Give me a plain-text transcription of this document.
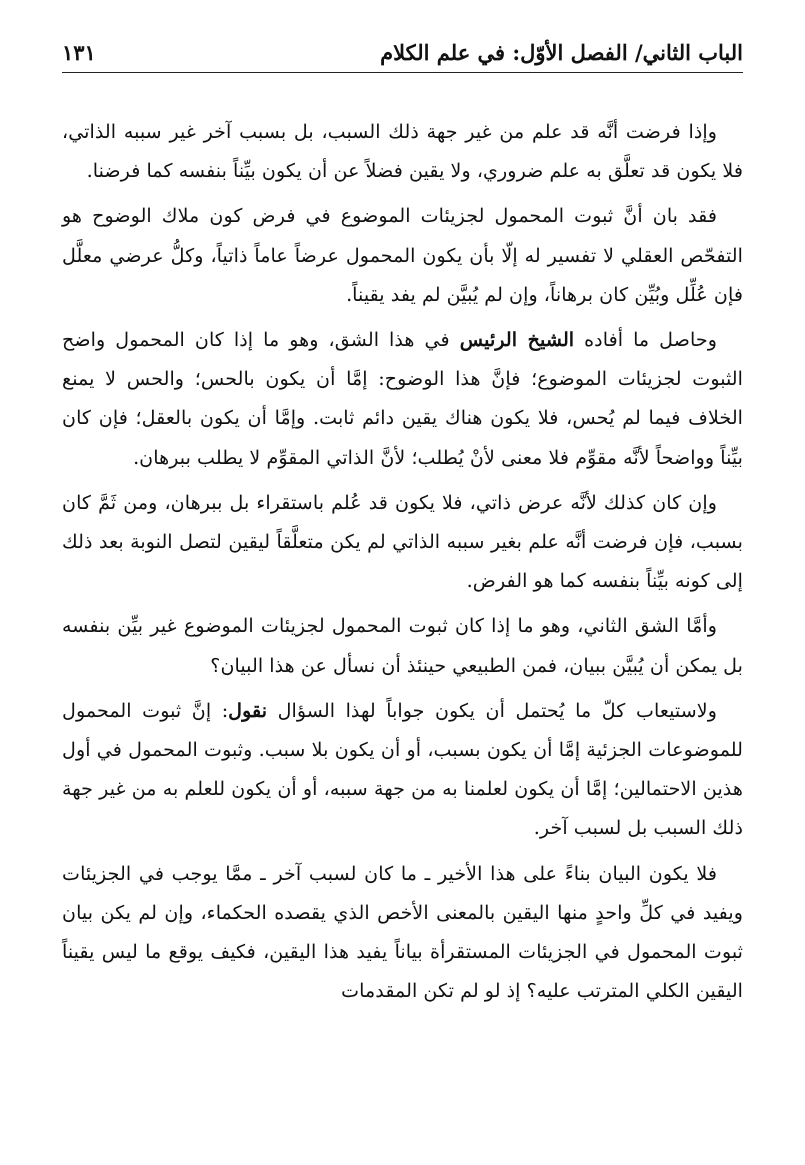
الباب الثاني/ الفصل الأوّل: في علم الكلام
١٣١

وإذا فرضت أنَّه قد علم من غير جهة ذلك السبب، بل بسبب آخر غير سببه الذاتي، فلا يكون قد تعلَّق به علم ضروري، ولا يقين فضلاً عن أن يكون بيِّناً بنفسه كما فرضنا.

فقد بان أنَّ ثبوت المحمول لجزيئات الموضوع في فرض كون ملاك الوضوح هو التفحّص العقلي لا تفسير له إلّا بأن يكون المحمول عرضاً عاماً ذاتياً، وكلُّ عرضي معلَّل فإن عُلِّل وبُيِّن كان برهاناً، وإن لم يُبيَّن لم يفد يقيناً.

وحاصل ما أفاده الشيخ الرئيس في هذا الشق، وهو ما إذا كان المحمول واضح الثبوت لجزيئات الموضوع؛ فإنَّ هذا الوضوح: إمَّا أن يكون بالحس؛ والحس لا يمنع الخلاف فيما لم يُحس، فلا يكون هناك يقين دائم ثابت. وإمَّا أن يكون بالعقل؛ فإن كان بيِّناً وواضحاً لأنَّه مقوِّم فلا معنى لأنْ يُطلب؛ لأنَّ الذاتي المقوِّم لا يطلب ببرهان.

وإن كان كذلك لأنَّه عرض ذاتي، فلا يكون قد عُلم باستقراء بل ببرهان، ومن ثَمَّ كان بسبب، فإن فرضت أنَّه علم بغير سببه الذاتي لم يكن متعلَّقاً ليقين لتصل النوبة بعد ذلك إلى كونه بيِّناً بنفسه كما هو الفرض.

وأمَّا الشق الثاني، وهو ما إذا كان ثبوت المحمول لجزيئات الموضوع غير بيِّن بنفسه بل يمكن أن يُبيَّن ببيان، فمن الطبيعي حينئذ أن نسأل عن هذا البيان؟

ولاستيعاب كلّ ما يُحتمل أن يكون جواباً لهذا السؤال نقول: إنَّ ثبوت المحمول للموضوعات الجزئية إمَّا أن يكون بسبب، أو أن يكون بلا سبب. وثبوت المحمول في أول هذين الاحتمالين؛ إمَّا أن يكون لعلمنا به من جهة سببه، أو أن يكون للعلم به من غير جهة ذلك السبب بل لسبب آخر.

فلا يكون البيان بناءً على هذا الأخير ـ ما كان لسبب آخر ـ ممَّا يوجب في الجزيئات ويفيد في كلِّ واحدٍ منها اليقين بالمعنى الأخص الذي يقصده الحكماء، وإن لم يكن بيان ثبوت المحمول في الجزيئات المستقرأة بياناً يفيد هذا اليقين، فكيف يوقع ما ليس يقيناً اليقين الكلي المترتب عليه؟ إذ لو لم تكن المقدمات
